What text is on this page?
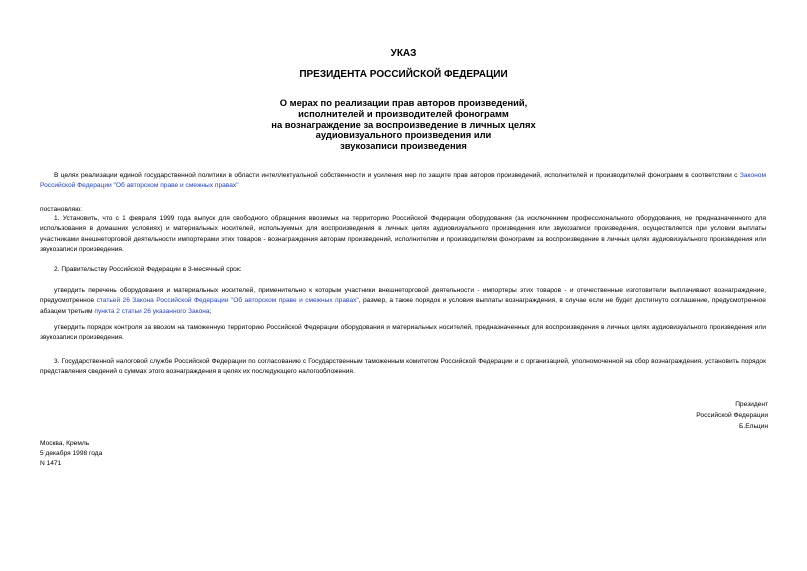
УКАЗ
ПРЕЗИДЕНТА РОССИЙСКОЙ ФЕДЕРАЦИИ
О мерах по реализации прав авторов произведений,
исполнителей и производителей фонограмм
на вознаграждение за воспроизведение в личных целях
аудиовизуального произведения или
звукозаписи произведения
В целях реализации единой государственной политики в области интеллектуальной собственности и усиления мер по защите прав авторов произведений, исполнителей и производителей фонограмм в соответствии с Законом Российской Федерации "Об авторском праве и смежных правах"
постановляю:
1. Установить, что с 1 февраля 1999 года выпуск для свободного обращения ввозимых на территорию Российской Федерации оборудования (за исключением профессионального оборудования, не предназначенного для использования в домашних условиях) и материальных носителей, используемых для воспроизведения в личных целях аудиовизуального произведения или звукозаписи произведения, осуществляется при условии выплаты участниками внешнеторговой деятельности импортерами этих товаров - вознаграждения авторам произведений, исполнителям и производителям фонограмм за воспроизведение в личных целях аудиовизуального произведения или звукозаписи произведения.
2. Правительству Российской Федерации в 3-месячный срок:
утвердить перечень оборудования и материальных носителей, применительно к которым участники внешнеторговой деятельности - импортеры этих товаров - и отечественные изготовители выплачивают вознаграждение, предусмотренное статьей 26 Закона Российской Федерации "Об авторском праве и смежных правах", размер, а также порядок и условия выплаты вознаграждения, в случае если не будет достигнуто соглашение, предусмотренное абзацем третьим пункта 2 статьи 26 указанного Закона;
утвердить порядок контроля за ввозом на таможенную территорию Российской Федерации оборудования и материальных носителей, предназначенных для воспроизведения в личных целях аудиовизуального произведения или звукозаписи произведения.
3. Государственной налоговой службе Российской Федерации по согласованию с Государственным таможенным комитетом Российской Федерации и с организацией, уполномоченной на сбор вознаграждения, установить порядок представления сведений о суммах этого вознаграждения в целях их последующего налогообложения.
Президент
Российской Федерации
Б.Ельцин
Москва, Кремль
5 декабря 1998 года
N 1471
